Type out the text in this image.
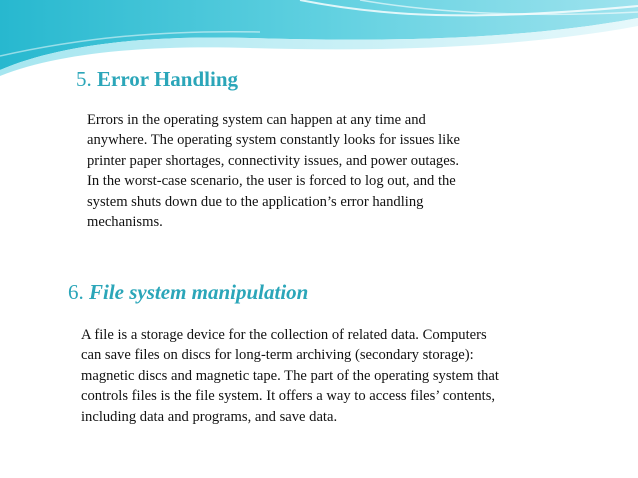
5. Error Handling
Errors in the operating system can happen at any time and anywhere. The operating system constantly looks for issues like printer paper shortages, connectivity issues, and power outages. In the worst-case scenario, the user is forced to log out, and the system shuts down due to the application’s error handling mechanisms.
6. File system manipulation
A file is a storage device for the collection of related data. Computers can save files on discs for long-term archiving (secondary storage): magnetic discs and magnetic tape. The part of the operating system that controls files is the file system. It offers a way to access files’ contents, including data and programs, and save data.
